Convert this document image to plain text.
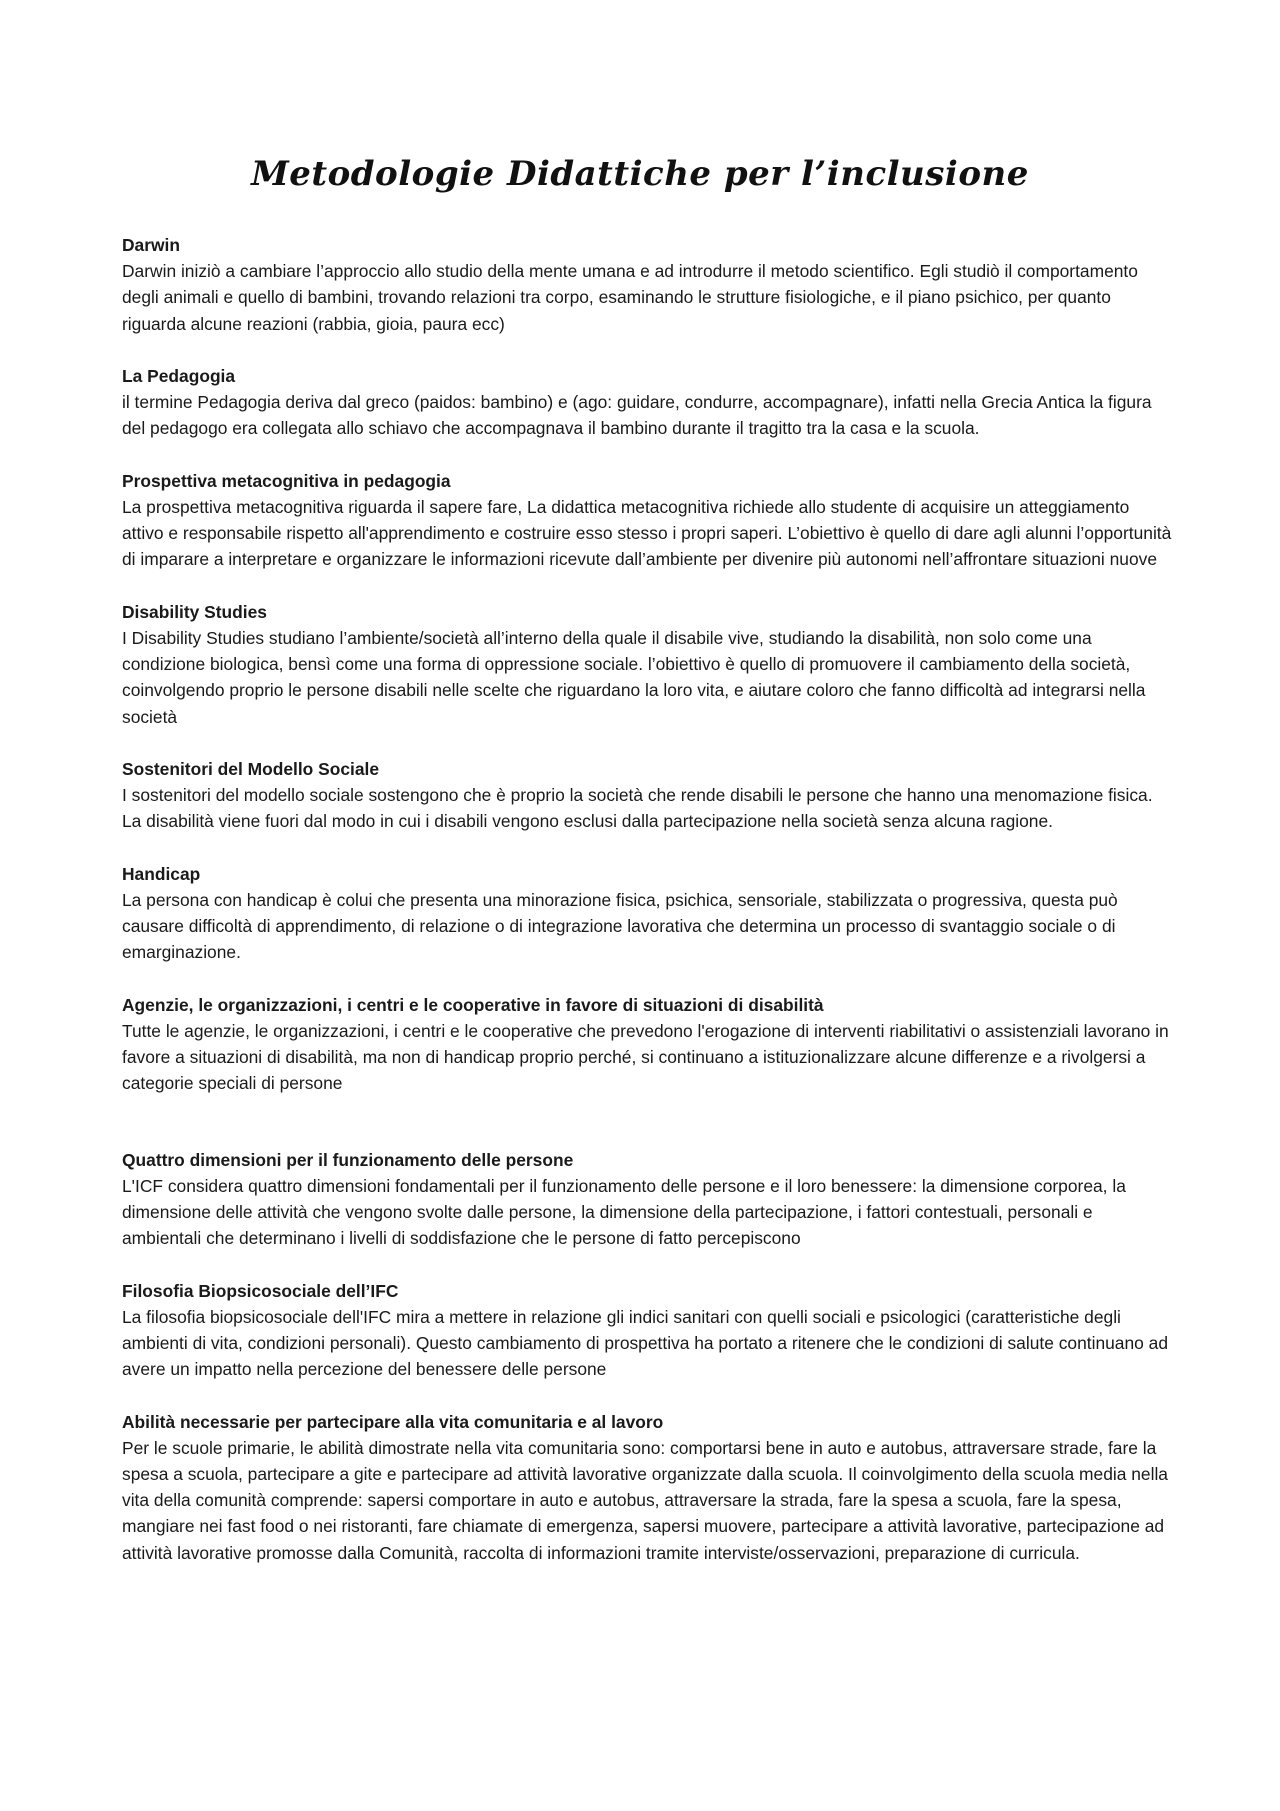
Metodologie Didattiche per l’inclusione

Darwin

Darwin iniziò a cambiare l’approccio allo studio della mente umana e ad introdurre il metodo scientifico. Egli studiò il comportamento degli animali e quello di bambini, trovando relazioni tra corpo, esaminando le strutture fisiologiche, e il piano psichico, per quanto riguarda alcune reazioni (rabbia, gioia, paura ecc)

La Pedagogia

il termine Pedagogia deriva dal greco (paidos: bambino) e (ago: guidare, condurre, accompagnare), infatti nella Grecia Antica la figura del pedagogo era collegata allo schiavo che accompagnava il bambino durante il tragitto tra la casa e la scuola.

Prospettiva metacognitiva in pedagogia

La prospettiva metacognitiva riguarda il sapere fare, La didattica metacognitiva richiede allo studente di acquisire un atteggiamento attivo e responsabile rispetto all'apprendimento e costruire esso stesso i propri saperi. L’obiettivo è quello di dare agli alunni l’opportunità di imparare a interpretare e organizzare le informazioni ricevute dall’ambiente per divenire più autonomi nell’affrontare situazioni nuove

Disability Studies

I Disability Studies studiano l’ambiente/società all’interno della quale il disabile vive, studiando la disabilità, non solo come una condizione biologica, bensì come una forma di oppressione sociale. l’obiettivo è quello di promuovere il cambiamento della società, coinvolgendo proprio le persone disabili nelle scelte che riguardano la loro vita, e aiutare coloro che fanno difficoltà ad integrarsi nella società

Sostenitori del Modello Sociale

I sostenitori del modello sociale sostengono che è proprio la società che rende disabili le persone che hanno una menomazione fisica. La disabilità viene fuori dal modo in cui i disabili vengono esclusi dalla partecipazione nella società senza alcuna ragione.

Handicap

La persona con handicap è colui che presenta una minorazione fisica, psichica, sensoriale, stabilizzata o progressiva, questa può causare difficoltà di apprendimento, di relazione o di integrazione lavorativa che determina un processo di svantaggio sociale o di emarginazione.

Agenzie, le organizzazioni, i centri e le cooperative in favore di situazioni di disabilità

Tutte le agenzie, le organizzazioni, i centri e le cooperative che prevedono l'erogazione di interventi riabilitativi o assistenziali lavorano in favore a situazioni di disabilità, ma non di handicap proprio perché, si continuano a istituzionalizzare alcune differenze e a rivolgersi a categorie speciali di persone

Quattro dimensioni per il funzionamento delle persone

L'ICF considera quattro dimensioni fondamentali per il funzionamento delle persone e il loro benessere: la dimensione corporea, la dimensione delle attività che vengono svolte dalle persone, la dimensione della partecipazione, i fattori contestuali, personali e ambientali che determinano i livelli di soddisfazione che le persone di fatto percepiscono

Filosofia Biopsicosociale dell’IFC

La filosofia biopsicosociale dell'IFC mira a mettere in relazione gli indici sanitari con quelli sociali e psicologici (caratteristiche degli ambienti di vita, condizioni personali). Questo cambiamento di prospettiva ha portato a ritenere che le condizioni di salute continuano ad avere un impatto nella percezione del benessere delle persone

Abilità necessarie per partecipare alla vita comunitaria e al lavoro

Per le scuole primarie, le abilità dimostrate nella vita comunitaria sono: comportarsi bene in auto e autobus, attraversare strade, fare la spesa a scuola, partecipare a gite e partecipare ad attività lavorative organizzate dalla scuola. Il coinvolgimento della scuola media nella vita della comunità comprende: sapersi comportare in auto e autobus, attraversare la strada, fare la spesa a scuola, fare la spesa, mangiare nei fast food o nei ristoranti, fare chiamate di emergenza, sapersi muovere, partecipare a attività lavorative, partecipazione ad attività lavorative promosse dalla Comunità, raccolta di informazioni tramite interviste/osservazioni, preparazione di curricula.
